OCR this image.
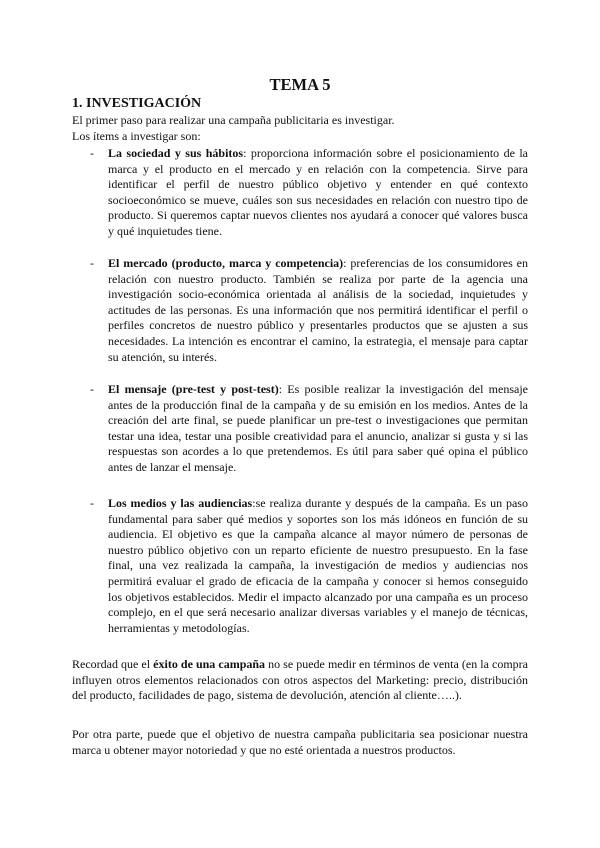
TEMA 5
1. INVESTIGACIÓN

El primer paso para realizar una campaña publicitaria es investigar.

Los ítems a investigar son:

-	La sociedad y sus hábitos: proporciona información sobre el posicionamiento de la marca y el producto en el mercado y en relación con la competencia. Sirve para identificar el perfil de nuestro público objetivo y entender en qué contexto socioeconómico se mueve, cuáles son sus necesidades en relación con nuestro tipo de producto. Si queremos captar nuevos clientes nos ayudará a conocer qué valores busca y qué inquietudes tiene.

-	El mercado (producto, marca y competencia): preferencias de los consumidores en relación con nuestro producto. También se realiza por parte de la agencia una investigación socio-económica orientada al análisis de la sociedad, inquietudes y actitudes de las personas. Es una información que nos permitirá identificar el perfil o perfiles concretos de nuestro público y presentarles productos que se ajusten a sus necesidades. La intención es encontrar el camino, la estrategia, el mensaje para captar su atención, su interés.

-	El mensaje (pre-test y post-test): Es posible realizar la investigación del mensaje antes de la producción final de la campaña y de su emisión en los medios. Antes de la creación del arte final, se puede planificar un pre-test o investigaciones que permitan testar una idea, testar una posible creatividad para el anuncio, analizar si gusta y si las respuestas son acordes a lo que pretendemos. Es útil para saber qué opina el público antes de lanzar el mensaje.

-	Los medios y las audiencias:se realiza durante y después de la campaña. Es un paso fundamental para saber qué medios y soportes son los más idóneos en función de su audiencia. El objetivo es que la campaña alcance al mayor número de personas de nuestro público objetivo con un reparto eficiente de nuestro presupuesto. En la fase final, una vez realizada la campaña, la investigación de medios y audiencias nos permitirá evaluar el grado de eficacia de la campaña y conocer si hemos conseguido los objetivos establecidos. Medir el impacto alcanzado por una campaña es un proceso complejo, en el que será necesario analizar diversas variables y el manejo de técnicas, herramientas y metodologías.

Recordad que el éxito de una campaña no se puede medir en términos de venta (en la compra influyen otros elementos relacionados con otros aspectos del Marketing: precio, distribución del producto, facilidades de pago, sistema de devolución, atención al cliente…..).

Por otra parte, puede que el objetivo de nuestra campaña publicitaria sea posicionar nuestra marca u obtener mayor notoriedad y que no esté orientada a nuestros productos.
